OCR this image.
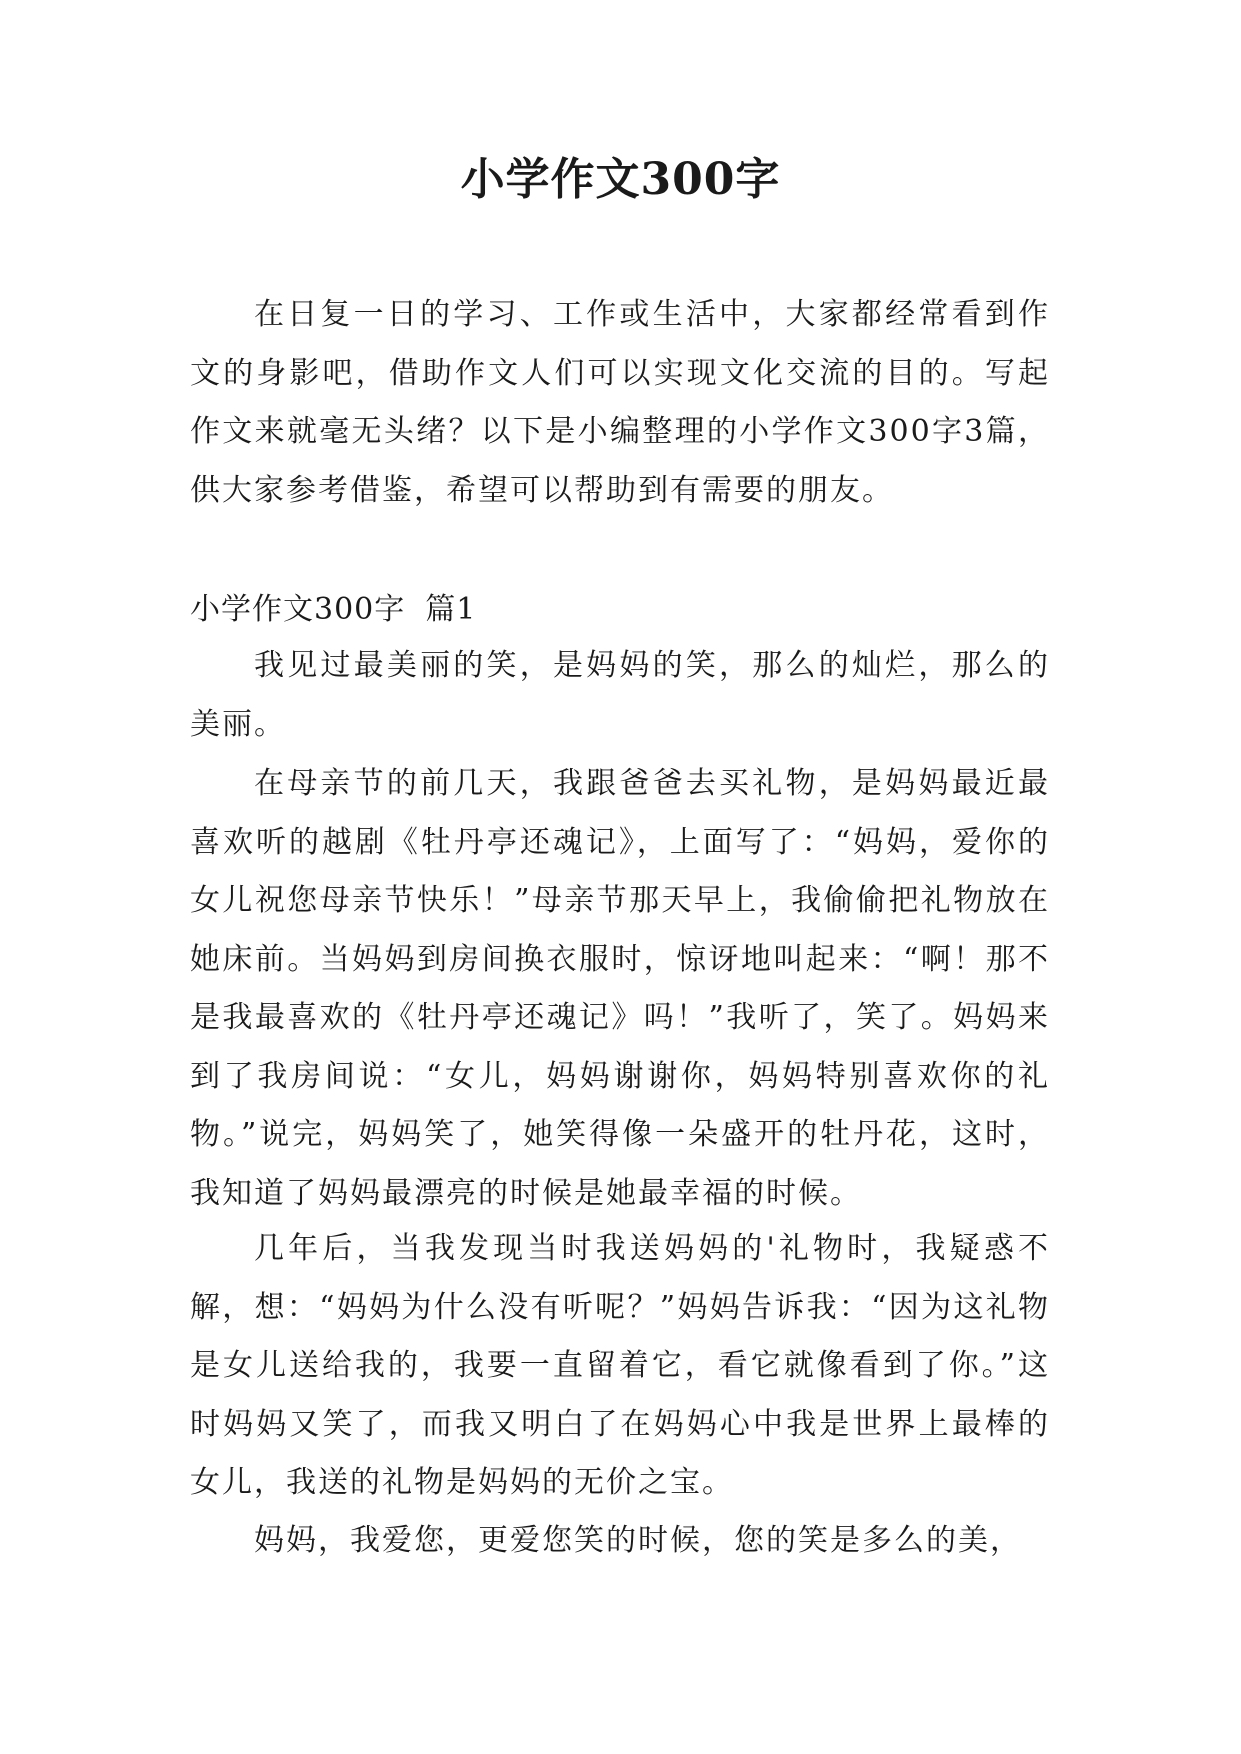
小学作文300字

在日复一日的学习、工作或生活中，大家都经常看到作文的身影吧，借助作文人们可以实现文化交流的目的。写起作文来就毫无头绪？以下是小编整理的小学作文300字3篇，供大家参考借鉴，希望可以帮助到有需要的朋友。

小学作文300字 篇1

我见过最美丽的笑，是妈妈的笑，那么的灿烂，那么的美丽。

在母亲节的前几天，我跟爸爸去买礼物，是妈妈最近最喜欢听的越剧《牡丹亭还魂记》，上面写了：“妈妈，爱你的女儿祝您母亲节快乐！”母亲节那天早上，我偷偷把礼物放在她床前。当妈妈到房间换衣服时，惊讶地叫起来：“啊！那不是我最喜欢的《牡丹亭还魂记》吗！”我听了，笑了。妈妈来到了我房间说：“女儿，妈妈谢谢你，妈妈特别喜欢你的礼物。”说完，妈妈笑了，她笑得像一朵盛开的牡丹花，这时，我知道了妈妈最漂亮的时候是她最幸福的时候。

几年后，当我发现当时我送妈妈的'礼物时，我疑惑不解，想：“妈妈为什么没有听呢？”妈妈告诉我：“因为这礼物是女儿送给我的，我要一直留着它，看它就像看到了你。”这时妈妈又笑了，而我又明白了在妈妈心中我是世界上最棒的女儿，我送的礼物是妈妈的无价之宝。

妈妈，我爱您，更爱您笑的时候，您的笑是多么的美，
